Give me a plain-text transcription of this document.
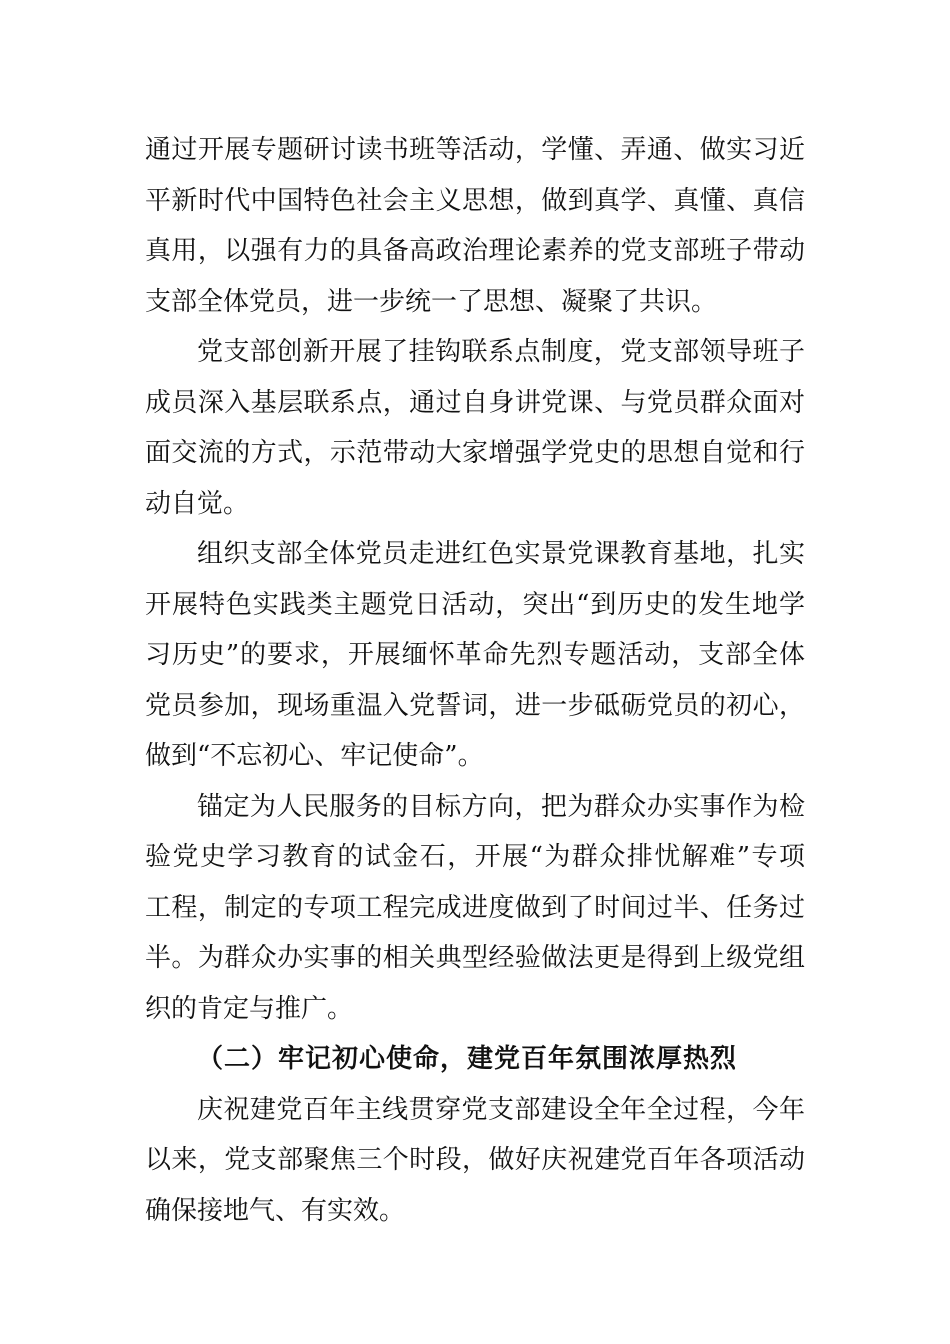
通过开展专题研讨读书班等活动，学懂、弄通、做实习近
平新时代中国特色社会主义思想，做到真学、真懂、真信
真用，以强有力的具备高政治理论素养的党支部班子带动
支部全体党员，进一步统一了思想、凝聚了共识。
党支部创新开展了挂钩联系点制度，党支部领导班子
成员深入基层联系点，通过自身讲党课、与党员群众面对
面交流的方式，示范带动大家增强学党史的思想自觉和行
动自觉。
组织支部全体党员走进红色实景党课教育基地，扎实
开展特色实践类主题党日活动，突出“到历史的发生地学
习历史”的要求，开展缅怀革命先烈专题活动，支部全体
党员参加，现场重温入党誓词，进一步砥砺党员的初心，
做到“不忘初心、牢记使命”。
锚定为人民服务的目标方向，把为群众办实事作为检
验党史学习教育的试金石，开展“为群众排忧解难”专项
工程，制定的专项工程完成进度做到了时间过半、任务过
半。为群众办实事的相关典型经验做法更是得到上级党组
织的肯定与推广。
（二）牢记初心使命，建党百年氛围浓厚热烈
庆祝建党百年主线贯穿党支部建设全年全过程，今年
以来，党支部聚焦三个时段，做好庆祝建党百年各项活动
确保接地气、有实效。
